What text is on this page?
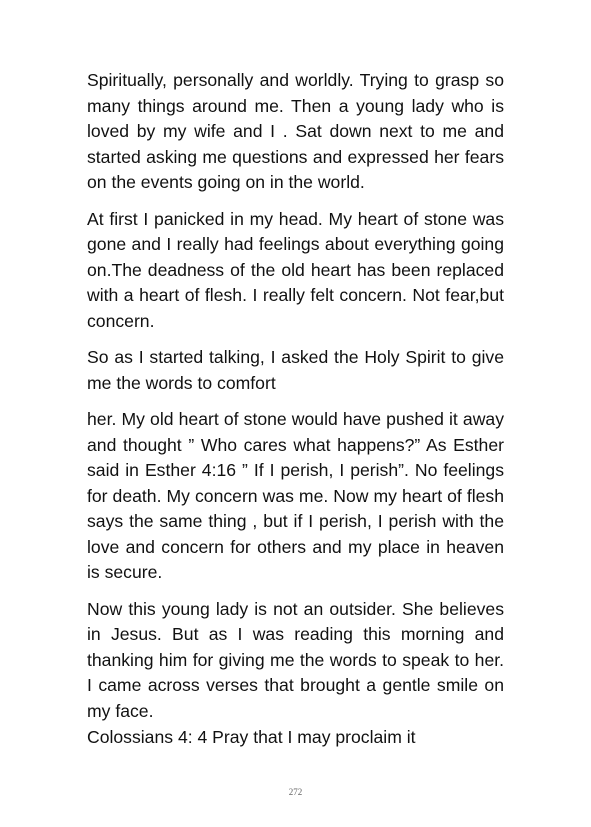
Spiritually, personally and worldly. Trying to grasp so many things around me. Then a young lady who is loved by my wife and I . Sat down next to me and started asking me questions and expressed her fears on the events going on in the world.

At first I panicked in my head. My heart of stone was gone and I really had feelings about everything going on.The deadness of the old heart has been replaced with a heart of flesh. I really felt concern. Not fear,but concern.

So as I started talking, I asked the Holy Spirit to give me the words to comfort

her. My old heart of stone would have pushed it away and thought ” Who cares what happens?” As Esther said in Esther 4:16 ” If I perish, I perish”. No feelings for death. My concern was me. Now my heart of flesh says the same thing , but if I perish, I perish with the love and concern for others and my place in heaven is secure.

Now this young lady is not an outsider. She believes in Jesus. But as I was reading this morning and thanking him for giving me the words to speak to her. I came across verses that brought a gentle smile on my face.

Colossians 4: 4 Pray that I may proclaim it

272
